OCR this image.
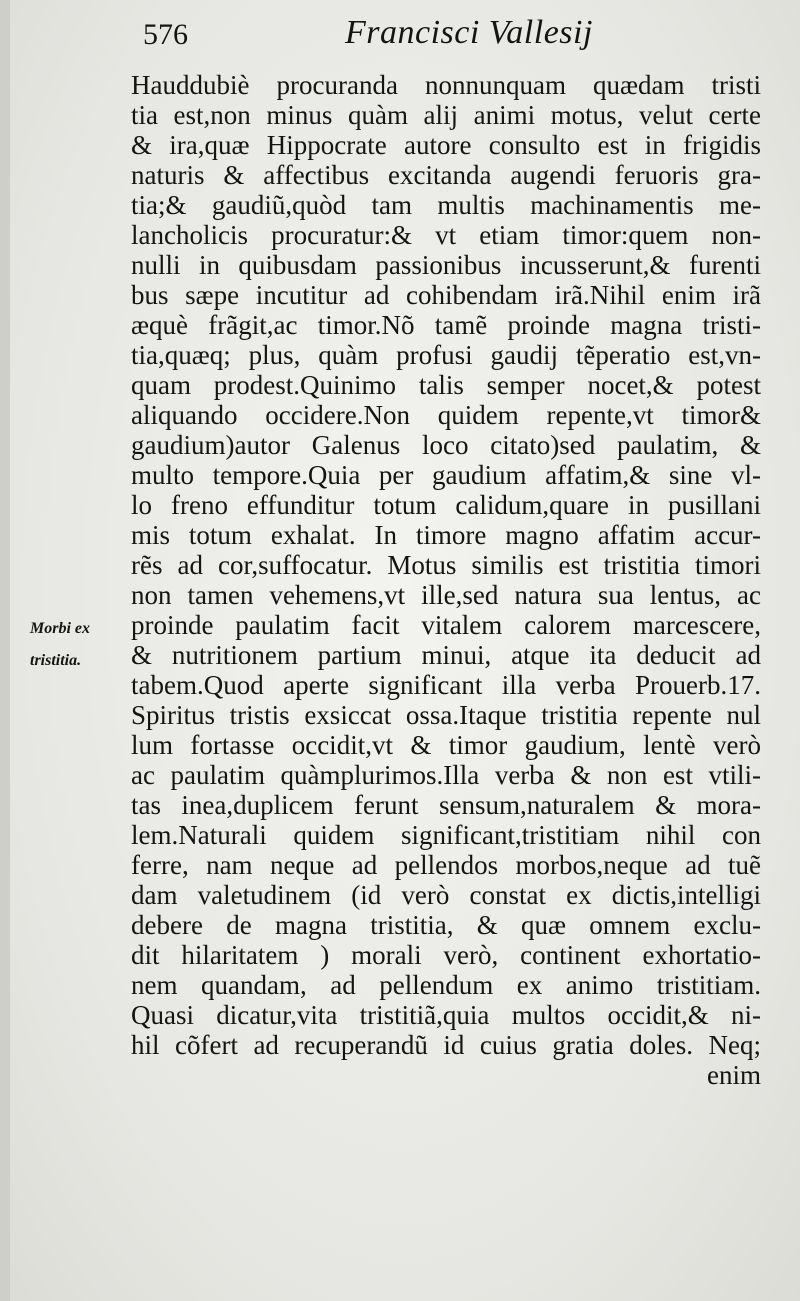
576	Francisci Vallesij
Morbi ex
tristitia.
Hauddubiè procuranda nonnunquam quædam tristi
tia est,non minus quàm alij animi motus, velut certe
& ira,quæ Hippocrate autore consulto est in frigidis
naturis & affectibus excitanda augendi feruoris gra-
tia;& gaudiũ,quòd tam multis machinamentis me-
lancholicis procuratur:& vt etiam timor:quem non-
nulli in quibusdam passionibus incusserunt,& furenti
bus sæpe incutitur ad cohibendam irã.Nihil enim irã
æquè frãgit,ac timor.Nõ tamẽ proinde magna tristi-
tia,quæq; plus, quàm profusi gaudij tẽperatio est,vn-
quam prodest.Quinimo talis semper nocet,& potest
aliquando occidere.Non quidem repente,vt timor&
gaudium)autor Galenus loco citato)sed paulatim, &
multo tempore.Quia per gaudium affatim,& sine vl-
lo freno effunditur totum calidum,quare in pusillani
mis totum exhalat. In timore magno affatim accur-
rẽs ad cor,suffocatur. Motus similis est tristitia timori
non tamen vehemens,vt ille,sed natura sua lentus, ac
proinde paulatim facit vitalem calorem marcescere,
& nutritionem partium minui, atque ita deducit ad
tabem.Quod aperte significant illa verba Prouerb.17.
Spiritus tristis exsiccat ossa.Itaque tristitia repente nul
lum fortasse occidit,vt & timor gaudium, lentè verò
ac paulatim quàmplurimos.Illa verba & non est vtili-
tas inea,duplicem ferunt sensum,naturalem & mora-
lem.Naturali quidem significant,tristitiam nihil con
ferre, nam neque ad pellendos morbos,neque ad tuẽ
dam valetudinem (id verò constat ex dictis,intelligi
debere de magna tristitia, & quæ omnem exclu-
dit hilaritatem ) morali verò, continent exhortatio-
nem quandam, ad pellendum ex animo tristitiam.
Quasi dicatur,vita tristitiã,quia multos occidit,& ni-
hil cõfert ad recuperandũ id cuius gratia doles. Neq;
enim
